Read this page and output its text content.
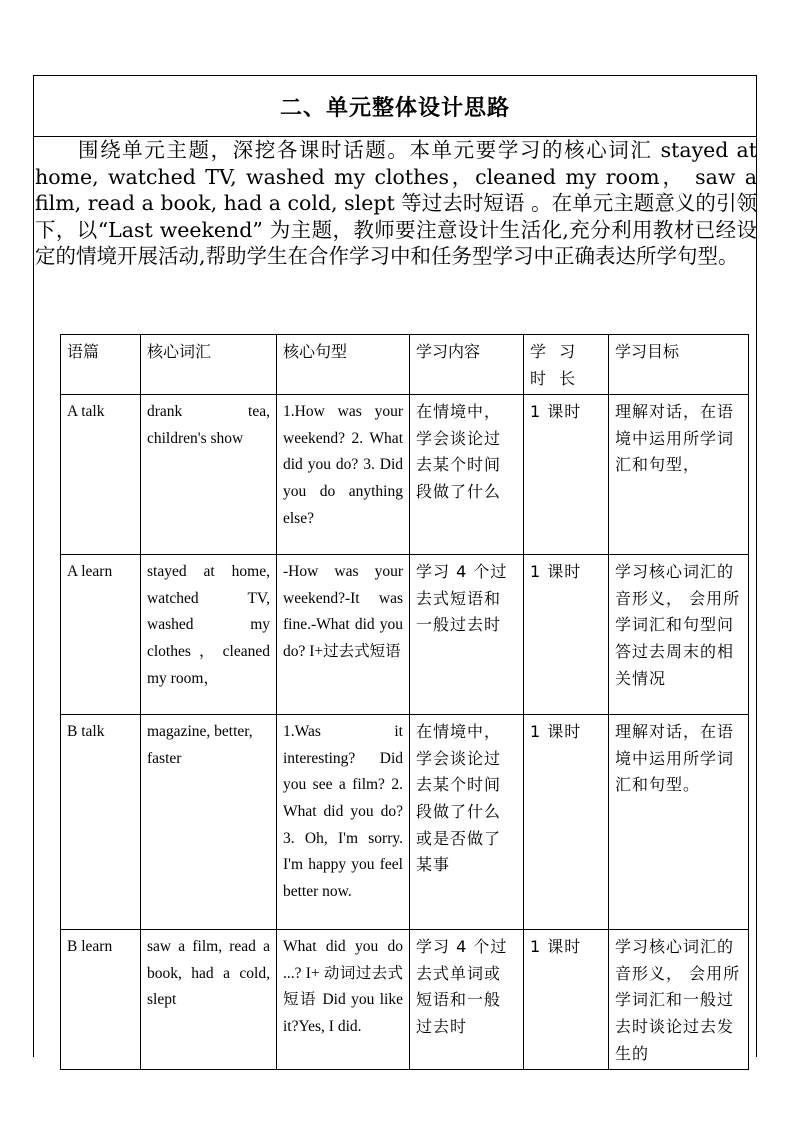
二、单元整体设计思路
围绕单元主题，深挖各课时话题。本单元要学习的核心词汇 stayed at home, watched TV, washed my clothes，cleaned my room， saw a film, read a book, had a cold, slept 等过去时短语 。在单元主题意义的引领下，以“Last weekend” 为主题，教师要注意设计生活化,充分利用教材已经设定的情境开展活动,帮助学生在合作学习中和任务型学习中正确表达所学句型。
语篇	核心词汇	核心句型	学习内容	学 习 时 长	学习目标
A talk	drank tea, children's show	1.How was your weekend? 2. What did you do? 3. Did you do anything else?	在情境中，学会谈论过去某个时间段做了什么	1 课时	理解对话，在语境中运用所学词汇和句型，
A learn	stayed at home, watched TV, washed my clothes，cleaned my room，	-How was your weekend?-It was fine.-What did you do? I+过去式短语	学习 4 个过去式短语和一般过去时	1 课时	学习核心词汇的音形义， 会用所学词汇和句型问答过去周末的相关情况
B talk	magazine, better, faster	1.Was it interesting? Did you see a film? 2. What did you do? 3. Oh, I'm sorry. I'm happy you feel better now.	在情境中，学会谈论过去某个时间段做了什么或是否做了某事	1 课时	理解对话，在语境中运用所学词汇和句型。
B learn	saw a film, read a book, had a cold, slept	What did you do ...? I+ 动词过去式短语 Did you like it?Yes, I did.	学习 4 个过去式单词或短语和一般过去时	1 课时	学习核心词汇的音形义， 会用所学词汇和一般过去时谈论过去发生的
